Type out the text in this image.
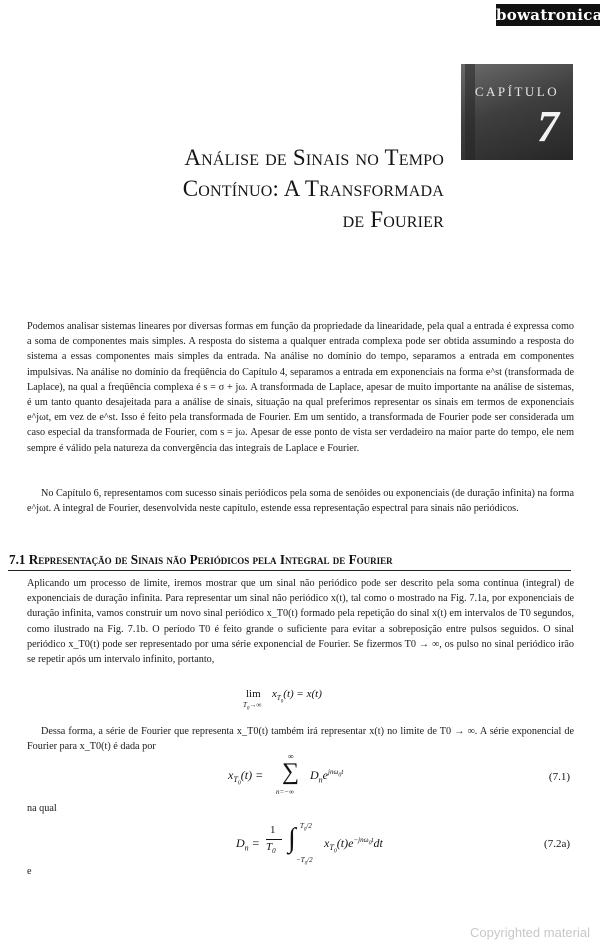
bowatronica
CAPÍTULO
7
Análise de Sinais no Tempo
Contínuo: A Transformada
de Fourier
Podemos analisar sistemas lineares por diversas formas em função da propriedade da linearidade, pela qual a entrada é expressa como a soma de componentes mais simples. A resposta do sistema a qualquer entrada complexa pode ser obtida assumindo a resposta do sistema a essas componentes mais simples da entrada. Na análise no domínio do tempo, separamos a entrada em componentes impulsivas. Na análise no domínio da freqüência do Capítulo 4, separamos a entrada em exponenciais na forma e^st (transformada de Laplace), na qual a freqüência complexa é s = σ + jω. A transformada de Laplace, apesar de muito importante na análise de sistemas, é um tanto quanto desajeitada para a análise de sinais, situação na qual preferimos representar os sinais em termos de exponenciais e^jωt, em vez de e^st. Isso é feito pela transformada de Fourier. Em um sentido, a transformada de Fourier pode ser considerada um caso especial da transformada de Fourier, com s = jω. Apesar de esse ponto de vista ser verdadeiro na maior parte do tempo, ele nem sempre é válido pela natureza da convergência das integrais de Laplace e Fourier.
No Capítulo 6, representamos com sucesso sinais periódicos pela soma de senóides ou exponenciais (de duração infinita) na forma e^jωt. A integral de Fourier, desenvolvida neste capítulo, estende essa representação espectral para sinais não periódicos.
7.1 Representação de Sinais não Periódicos pela Integral de Fourier
Aplicando um processo de limite, iremos mostrar que um sinal não periódico pode ser descrito pela soma contínua (integral) de exponenciais de duração infinita. Para representar um sinal não periódico x(t), tal como o mostrado na Fig. 7.1a, por exponenciais de duração infinita, vamos construir um novo sinal periódico x_T0(t) formado pela repetição do sinal x(t) em intervalos de T0 segundos, como ilustrado na Fig. 7.1b. O período T0 é feito grande o suficiente para evitar a sobreposição entre pulsos seguidos. O sinal periódico x_T0(t) pode ser representado por uma série exponencial de Fourier. Se fizermos T0 → ∞, os pulso no sinal periódico irão se repetir após um intervalo infinito, portanto,
lim
$T_0\to\infty$
$x_{T_0}(t) = x(t)$
Dessa forma, a série de Fourier que representa x_T0(t) também irá representar x(t) no limite de T0 → ∞. A série exponencial de Fourier para x_T0(t) é dada por
$x_{T_0}(t)$ =
∞
∑
n=−∞
$D_ne^{jn\omega_0t}$	(7.1)
na qual
$D_n$ =
1
$T_0$ ∫ $T_0/2$
$-T_0/2$
$x_{T_0}(t)e^{-jn\omega_0t}dt$	(7.2a)
e
Copyrighted material
